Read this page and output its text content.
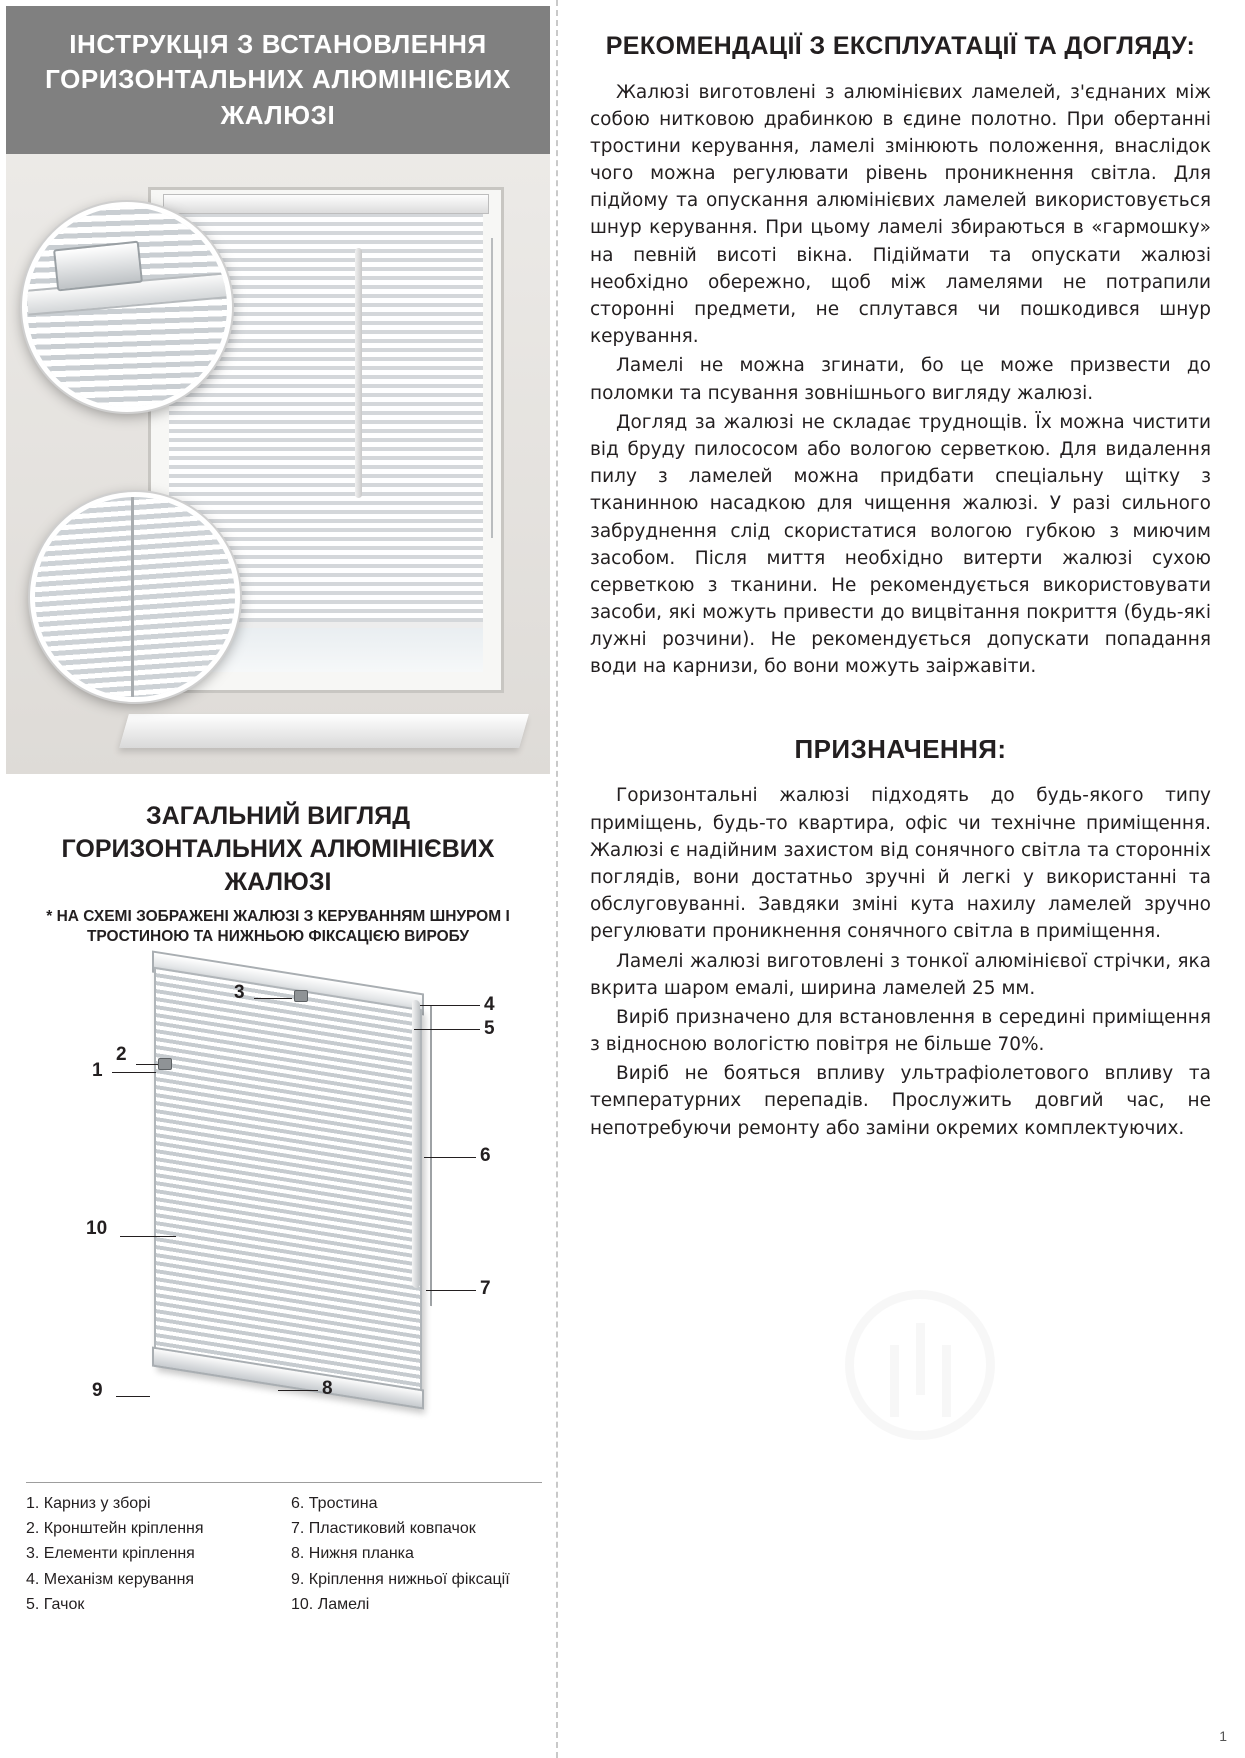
ІНСТРУКЦІЯ З ВСТАНОВЛЕННЯ ГОРИЗОНТАЛЬНИХ АЛЮМІНІЄВИХ ЖАЛЮЗІ
ЗАГАЛЬНИЙ ВИГЛЯД ГОРИЗОНТАЛЬНИХ АЛЮМІНІЄВИХ ЖАЛЮЗІ

* НА СХЕМІ ЗОБРАЖЕНІ ЖАЛЮЗІ З КЕРУВАННЯМ ШНУРОМ І ТРОСТИНОЮ ТА НИЖНЬОЮ ФІКСАЦІЄЮ ВИРОБУ

3
4
5
1
2
6
10
7
9	8
1. Карниз у зборі	6. Тростина
2. Кронштейн кріплення	7. Пластиковий ковпачок
3. Елементи кріплення	8. Нижня планка
4. Механізм керування	9. Кріплення нижньої фіксації
5. Гачок	10. Ламелі
РЕКОМЕНДАЦІЇ З ЕКСПЛУАТАЦІЇ ТА ДОГЛЯДУ:

Жалюзі виготовлені з алюмінієвих ламелей, з'єднаних між собою нитковою драбинкою в єдине полотно. При обертанні тростини керування, ламелі змінюють положення, внаслідок чого можна регулювати рівень проникнення світла. Для підйому та опускання алюмінієвих ламелей використовується шнур керування. При цьому ламелі збираються в «гармошку» на певній висоті вікна. Підіймати та опускати жалюзі необхідно обережно, щоб між ламелями не потрапили сторонні предмети, не сплутався чи пошкодився шнур керування.

Ламелі не можна згинати, бо це може призвести до поломки та псування зовнішнього вигляду жалюзі.

Догляд за жалюзі не складає труднощів. Їх можна чистити від бруду пилососом або вологою серветкою. Для видалення пилу з ламелей можна придбати спеціальну щітку з тканинною насадкою для чищення жалюзі. У разі сильного забруднення слід скористатися вологою губкою з миючим засобом. Після миття необхідно витерти жалюзі сухою серветкою з тканини. Не рекомендується використовувати засоби, які можуть привести до вицвітання покриття (будь-які лужні розчини). Не рекомендується допускати попадання води на карнизи, бо вони можуть заіржавіти.

ПРИЗНАЧЕННЯ:

Горизонтальні жалюзі підходять до будь-якого типу приміщень, будь-то квартира, офіс чи технічне приміщення. Жалюзі є надійним захистом від сонячного світла та сторонніх поглядів, вони достатньо зручні й легкі у використанні та обслуговуванні. Завдяки зміні кута нахилу ламелей зручно регулювати проникнення сонячного світла в приміщення.

Ламелі жалюзі виготовлені з тонкої алюмінієвої стрічки, яка вкрита шаром емалі, ширина ламелей 25 мм.

Виріб призначено для встановлення в середині приміщення з відносною вологістю повітря не більше 70%.

Виріб не бояться впливу ультрафіолетового впливу та температурних перепадів. Прослужить довгий час, не непотребуючи ремонту або заміни окремих комплектуючих.

1
